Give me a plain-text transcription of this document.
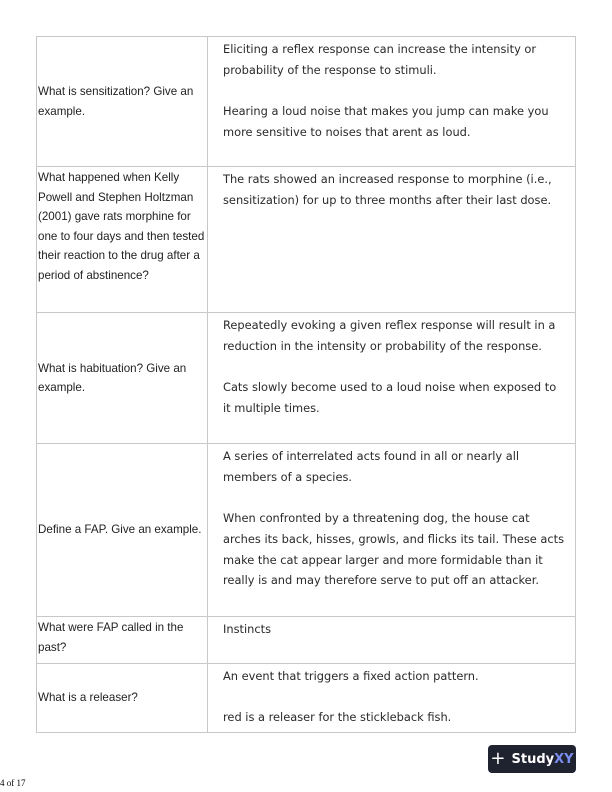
What is sensitization? Give an example.

Eliciting a reflex response can increase the intensity or probability of the response to stimuli.

Hearing a loud noise that makes you jump can make you more sensitive to noises that arent as loud.

What happened when Kelly Powell and Stephen Holtzman (2001) gave rats morphine for one to four days and then tested their reaction to the drug after a period of abstinence?

The rats showed an increased response to morphine (i.e., sensitization) for up to three months after their last dose.

What is habituation? Give an example.

Repeatedly evoking a given reflex response will result in a reduction in the intensity or probability of the response.

Cats slowly become used to a loud noise when exposed to it multiple times.

Define a FAP. Give an example.

A series of interrelated acts found in all or nearly all members of a species.

When confronted by a threatening dog, the house cat arches its back, hisses, growls, and flicks its tail. These acts make the cat appear larger and more formidable than it really is and may therefore serve to put off an attacker.

What were FAP called in the past?

Instincts

What is a releaser?

An event that triggers a fixed action pattern.

red is a releaser for the stickleback fish.

+ Study XY
4 of 17
